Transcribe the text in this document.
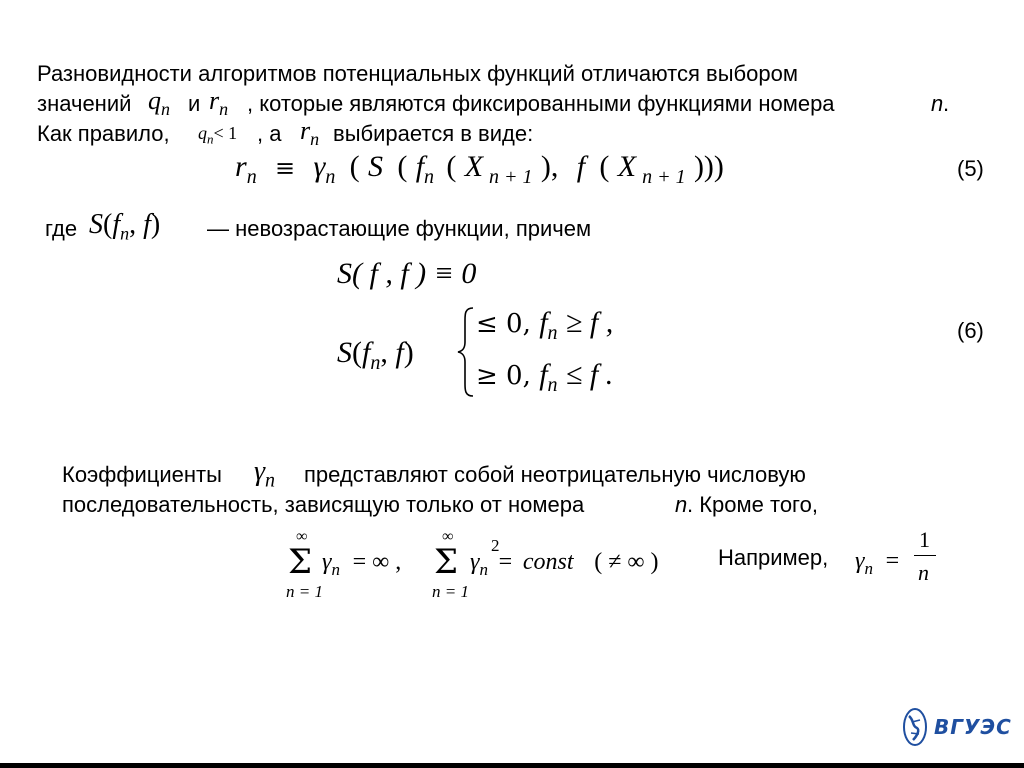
Разновидности алгоритмов потенциальных функций отличаются выбором
значений $q_n$ и $r_n$ , которые являются фиксированными функциями номера	n .
Как правило, $q_n< 1$ , а $r_n$ выбирается в виде:
$r_n \equiv \gamma_n$ ( S ( $f_n$ ( X $_{n + 1}$ ), f ( X $_{n + 1}$ )))	(5)
где $S(f_n$, f) — невозрастающие функции, причем
S( f , f ) ≡ 0
$S(f_n$, f)
≤ 0, $f_n \ge f$ ,
≥ 0, $f_n \le f$ .
(6)
Коэффициенты $\gamma_n$ представляют собой неотрицательную числовую
последовательность, зависящую только от номера	n . Кроме того,
∞
Σ
n = 1
$\gamma_n$ = ∞ ,
∞
Σ
n = 1
2
$\gamma_n$ = const ( ≠ ∞ )	Например, $\gamma_n$ =
1
n
ВГУЭС
